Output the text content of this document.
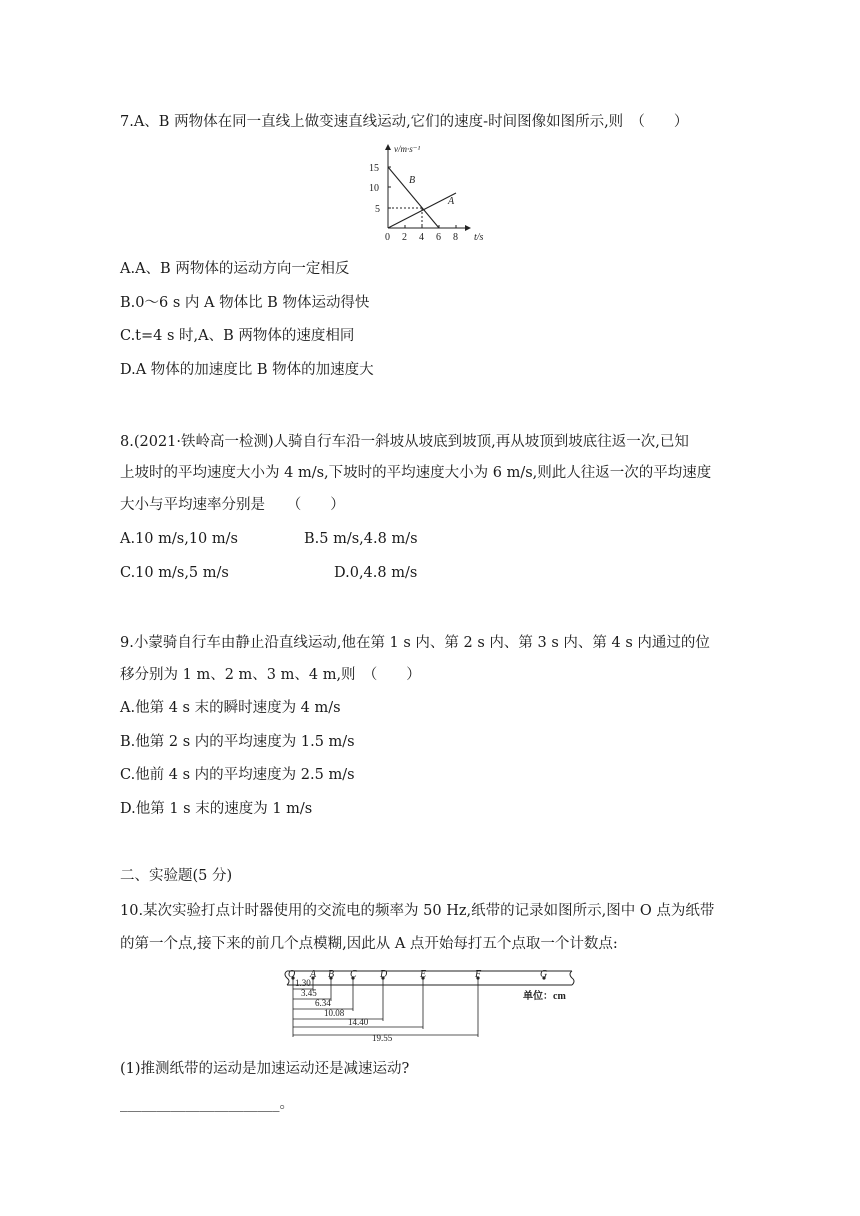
7.A、B 两物体在同一直线上做变速直线运动,它们的速度-时间图像如图所示,则　（　　）
v/m·s⁻¹
t/s
15
10
5
0 2 4 6 8
B
A
A.A、B 两物体的运动方向一定相反
B.0～6 s 内 A 物体比 B 物体运动得快
C.t=4 s 时,A、B 两物体的速度相同
D.A 物体的加速度比 B 物体的加速度大
8.(2021·铁岭高一检测)人骑自行车沿一斜坡从坡底到坡顶,再从坡顶到坡底往返一次,已知
上坡时的平均速度大小为 4 m/s,下坡时的平均速度大小为 6 m/s,则此人往返一次的平均速度
大小与平均速率分别是　　（　　）
A.10 m/s,10 m/s	B.5 m/s,4.8 m/s
C.10 m/s,5 m/s	D.0,4.8 m/s
9.小蒙骑自行车由静止沿直线运动,他在第 1 s 内、第 2 s 内、第 3 s 内、第 4 s 内通过的位
移分别为 1 m、2 m、3 m、4 m,则　（　　）
A.他第 4 s 末的瞬时速度为 4 m/s
B.他第 2 s 内的平均速度为 1.5 m/s
C.他前 4 s 内的平均速度为 2.5 m/s
D.他第 1 s 末的速度为 1 m/s
二、实验题(5 分)
10.某次实验打点计时器使用的交流电的频率为 50 Hz,纸带的记录如图所示,图中 O 点为纸带
的第一个点,接下来的前几个点模糊,因此从 A 点开始每打五个点取一个计数点:
O A B C D	E	F	G
1.30
3.45
6.34
10.08
14.40
19.55
单位：cm
(1)推测纸带的运动是加速运动还是减速运动?
______________________。
